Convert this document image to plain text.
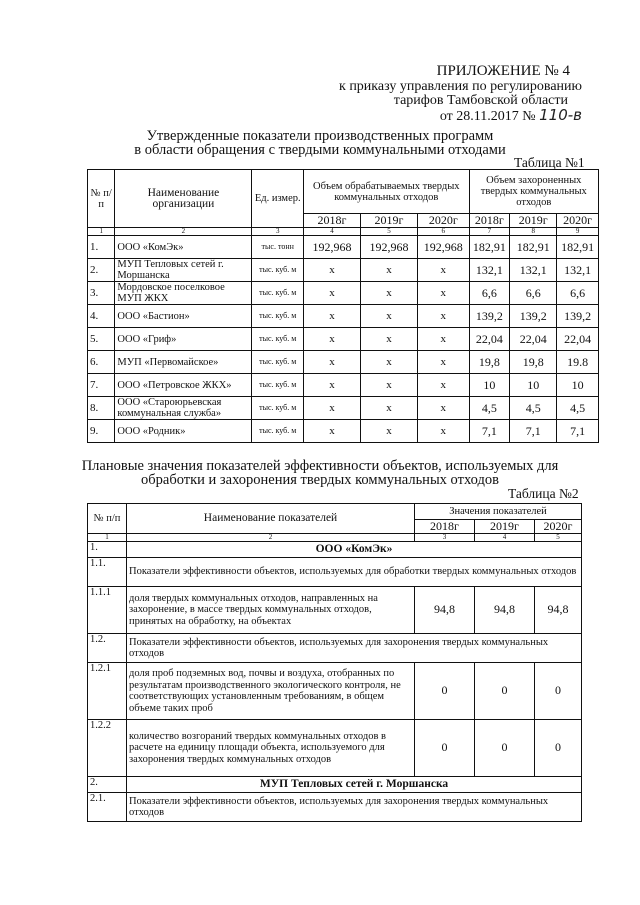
ПРИЛОЖЕНИЕ № 4
к приказу управления по регулированию
тарифов Тамбовской области
от 28.11.2017 № 110-в
Утвержденные показатели производственных программ
в области обращения с твердыми коммунальными отходами
Таблица №1
№ п/п	Наименование организации	Ед. измер.	Объем обрабатываемых твердых коммунальных отходов			Объем захороненных твердых коммунальных отходов		
			2018г	2019г	2020г	2018г	2019г	2020г
1	2	3	4	5	6	7	8	9
1.	ООО «КомЭк»	тыс. тонн	192,968	192,968	192,968	182,91	182,91	182,91
2.	МУП Тепловых сетей г. Моршанска	тыс. куб. м	х	х	х	132,1	132,1	132,1
3.	Мордовское поселковое МУП ЖКХ	тыс. куб. м	х	х	х	6,6	6,6	6,6
4.	ООО «Бастион»	тыс. куб. м	х	х	х	139,2	139,2	139,2
5.	ООО «Гриф»	тыс. куб. м	х	х	х	22,04	22,04	22,04
6.	МУП «Первомайское»	тыс. куб. м	х	х	х	19,8	19,8	19.8
7.	ООО «Петровское ЖКХ»	тыс. куб. м	х	х	х	10	10	10
8.	ООО «Староюрьевская коммунальная служба»	тыс. куб. м	х	х	х	4,5	4,5	4,5
9.	ООО «Родник»	тыс. куб. м	х	х	х	7,1	7,1	7,1
Плановые значения показателей эффективности объектов, используемых для
обработки и захоронения твердых коммунальных отходов
Таблица №2
№ п/п	Наименование показателей	Значения показателей		
		2018г	2019г	2020г
1	2	3	4	5
1.	ООО «КомЭк»			
1.1.	Показатели эффективности объектов, используемых для обработки твердых коммунальных отходов			
1.1.1	доля твердых коммунальных отходов, направленных на захоронение, в массе твердых коммунальных отходов, принятых на обработку, на объектах	94,8	94,8	94,8
1.2.	Показатели эффективности объектов, используемых для захоронения твердых коммунальных отходов			
1.2.1	доля проб подземных вод, почвы и воздуха, отобранных по результатам производственного экологического контроля, не соответствующих установленным требованиям, в общем объеме таких проб	0	0	0
1.2.2	количество возгораний твердых коммунальных отходов в расчете на единицу площади объекта, используемого для захоронения твердых коммунальных отходов	0	0	0
2.	МУП Тепловых сетей г. Моршанска			
2.1.	Показатели эффективности объектов, используемых для захоронения твердых коммунальных отходов			
